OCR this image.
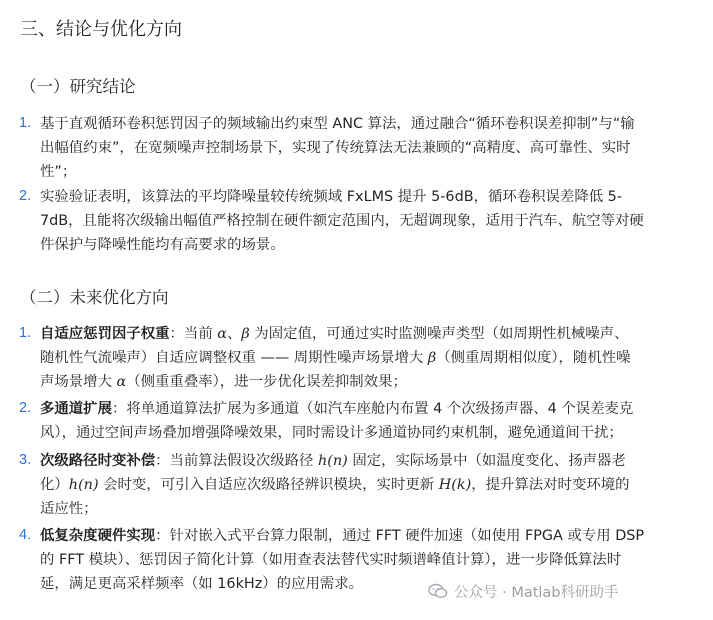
三、结论与优化方向
（一）研究结论
1. 基于直观循环卷积惩罚因子的频域输出约束型 ANC 算法，通过融合“循环卷积误差抑制”与“输
出幅值约束”，在宽频噪声控制场景下，实现了传统算法无法兼顾的“高精度、高可靠性、实时
性”；
2. 实验验证表明，该算法的平均降噪量较传统频域 FxLMS 提升 5-6dB，循环卷积误差降低 5-
7dB，且能将次级输出幅值严格控制在硬件额定范围内，无超调现象，适用于汽车、航空等对硬
件保护与降噪性能均有高要求的场景。
（二）未来优化方向
1. 自适应惩罚因子权重：当前 α、β 为固定值，可通过实时监测噪声类型（如周期性机械噪声、
随机性气流噪声）自适应调整权重 —— 周期性噪声场景增大 β（侧重周期相似度），随机性噪
声场景增大 α（侧重重叠率），进一步优化误差抑制效果；
2. 多通道扩展：将单通道算法扩展为多通道（如汽车座舱内布置 4 个次级扬声器、4 个误差麦克
风），通过空间声场叠加增强降噪效果，同时需设计多通道协同约束机制，避免通道间干扰；
3. 次级路径时变补偿：当前算法假设次级路径 h(n) 固定，实际场景中（如温度变化、扬声器老
化）h(n) 会时变，可引入自适应次级路径辨识模块，实时更新 H(k)，提升算法对时变环境的
适应性；
4. 低复杂度硬件实现：针对嵌入式平台算力限制，通过 FFT 硬件加速（如使用 FPGA 或专用 DSP
的 FFT 模块）、惩罚因子简化计算（如用查表法替代实时频谱峰值计算），进一步降低算法时
延，满足更高采样频率（如 16kHz）的应用需求。
公众号 · Matlab科研助手
